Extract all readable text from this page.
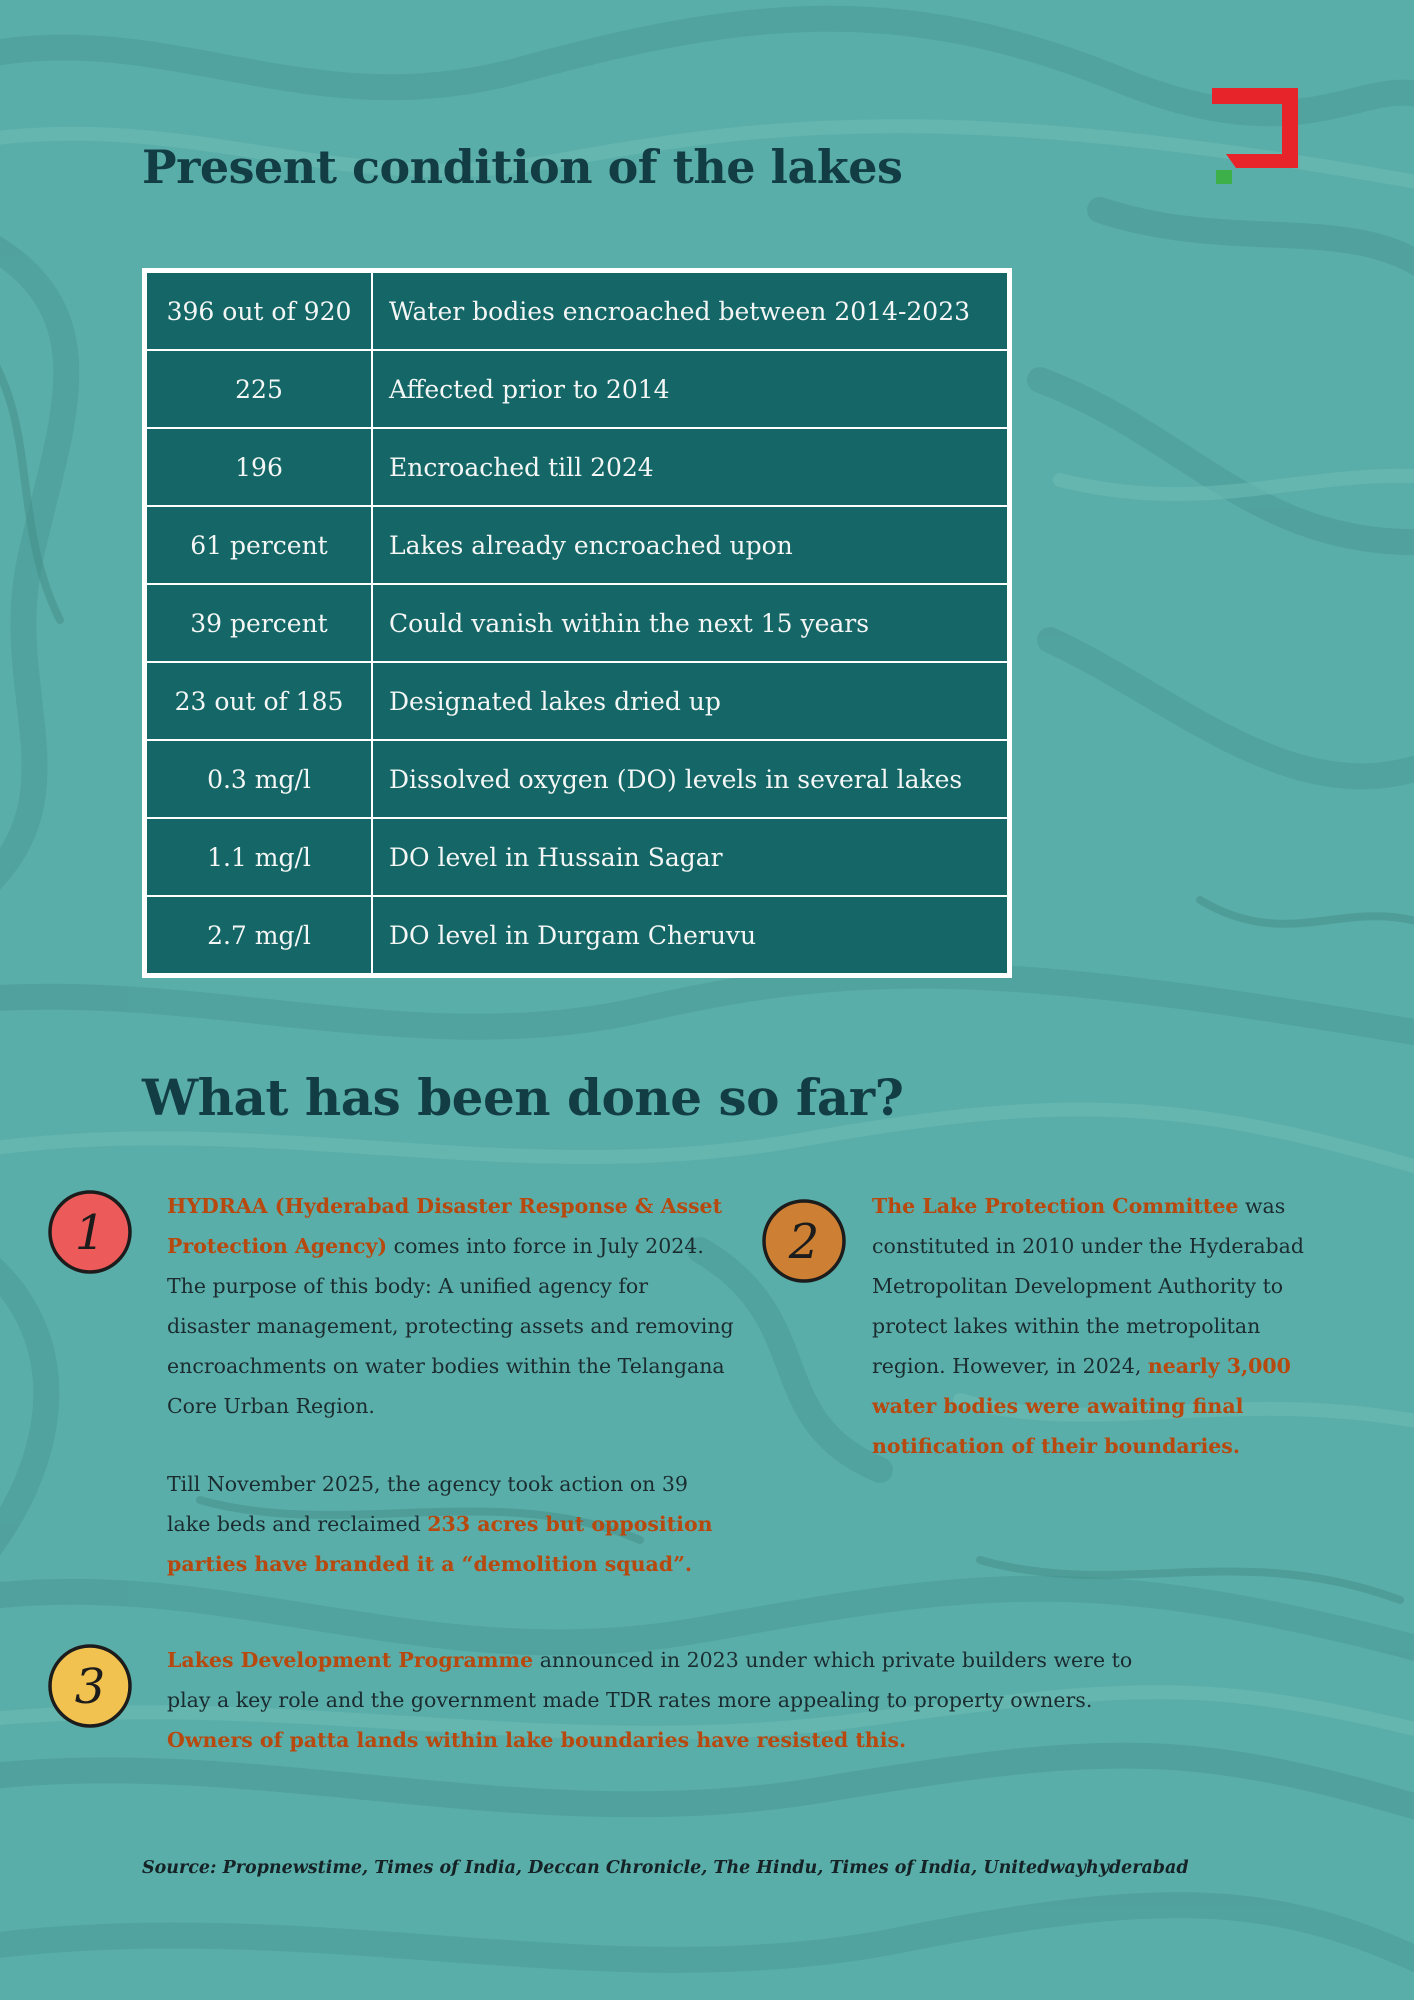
Present condition of the lakes
396 out of 920	Water bodies encroached between 2014-2023
225	Affected prior to 2014
196	Encroached till 2024
61 percent	Lakes already encroached upon
39 percent	Could vanish within the next 15 years
23 out of 185	Designated lakes dried up
0.3 mg/l	Dissolved oxygen (DO) levels in several lakes
1.1 mg/l	DO level in Hussain Sagar
2.7 mg/l	DO level in Durgam Cheruvu
What has been done so far?
1	HYDRAA (Hyderabad Disaster Response & Asset Protection Agency) comes into force in July 2024. The purpose of this body: A unified agency for disaster management, protecting assets and removing encroachments on water bodies within the Telangana Core Urban Region.

Till November 2025, the agency took action on 39 lake beds and reclaimed 233 acres but opposition parties have branded it a “demolition squad”.

2

The Lake Protection Committee was constituted in 2010 under the Hyderabad Metropolitan Development Authority to protect lakes within the metropolitan region. However, in 2024, nearly 3,000 water bodies were awaiting final notification of their boundaries.

3	Lakes Development Programme announced in 2023 under which private builders were to play a key role and the government made TDR rates more appealing to property owners. Owners of patta lands within lake boundaries have resisted this.

Source: Propnewstime, Times of India, Deccan Chronicle, The Hindu, Times of India, Unitedwayhyderabad
